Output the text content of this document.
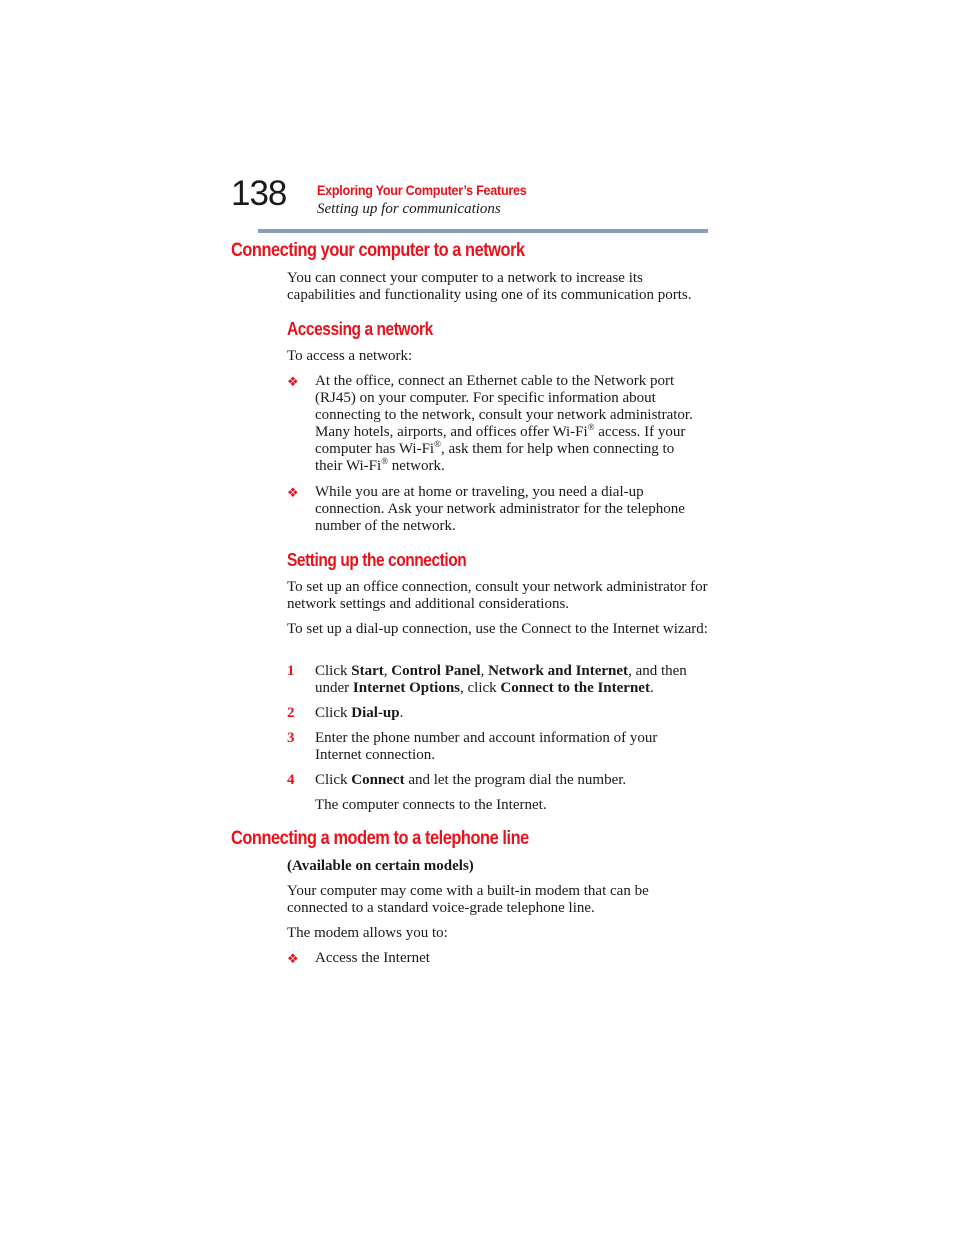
138 Exploring Your Computer’s Features
Setting up for communications
Connecting your computer to a network
You can connect your computer to a network to increase its capabilities and functionality using one of its communication ports.
Accessing a network
To access a network:
❖ At the office, connect an Ethernet cable to the Network port
(RJ45) on your computer. For specific information about
connecting to the network, consult your network administrator.
Many hotels, airports, and offices offer Wi-Fi® access. If your
computer has Wi-Fi®, ask them for help when connecting to
their Wi-Fi® network.
❖ While you are at home or traveling, you need a dial-up connection. Ask your network administrator for the telephone number of the network.
Setting up the connection
To set up an office connection, consult your network administrator for network settings and additional considerations.
To set up a dial-up connection, use the Connect to the Internet wizard:
1 Click Start, Control Panel, Network and Internet, and then
under Internet Options, click Connect to the Internet.
2 Click Dial-up.
3 Enter the phone number and account information of your Internet connection.
4 Click Connect and let the program dial the number.
The computer connects to the Internet.
Connecting a modem to a telephone line
(Available on certain models)
Your computer may come with a built-in modem that can be connected to a standard voice-grade telephone line.
The modem allows you to:
❖ Access the Internet
